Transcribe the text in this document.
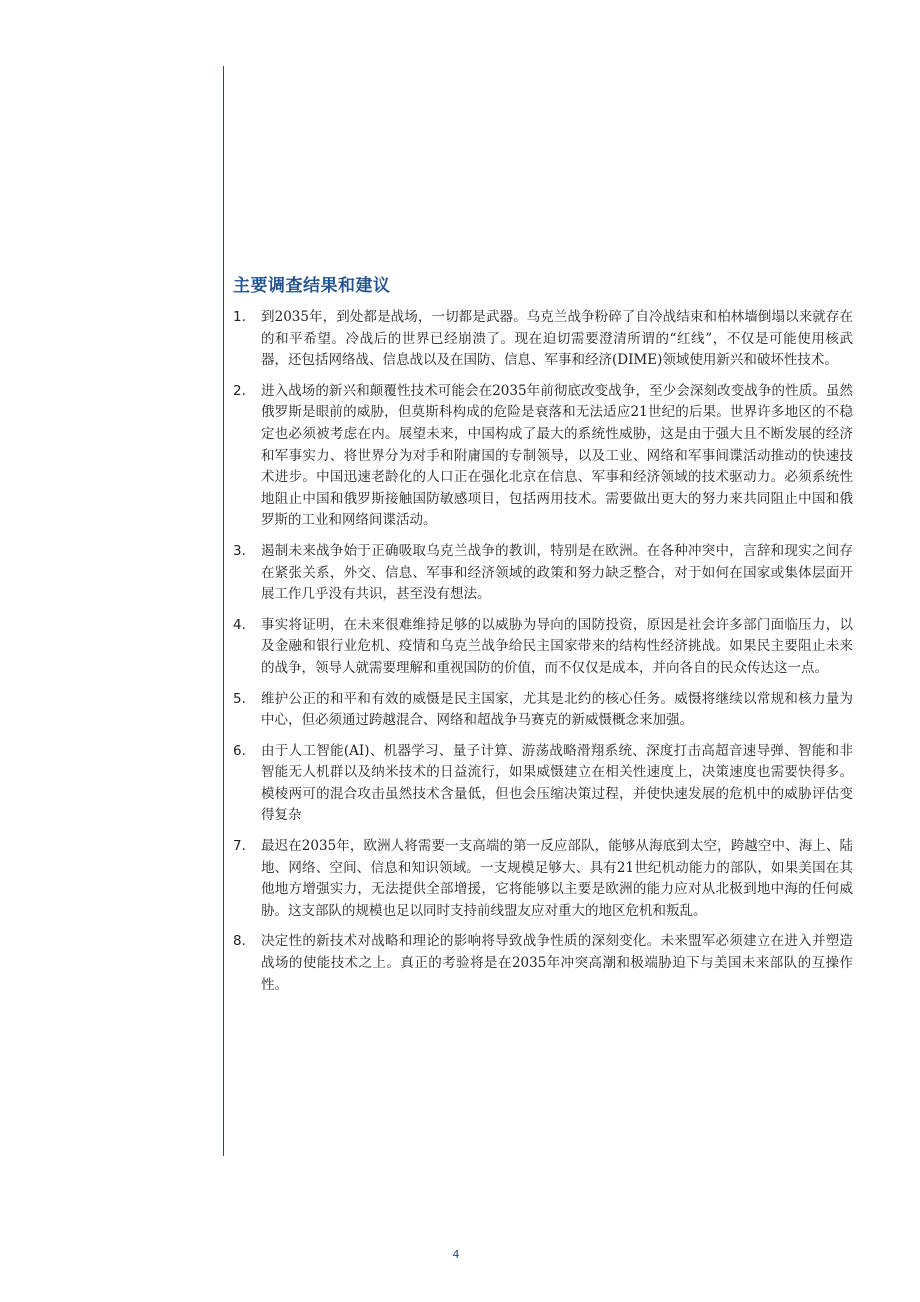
主要调查结果和建议
1.	到2035年，到处都是战场，一切都是武器。乌克兰战争粉碎了自冷战结束和柏林墙倒塌以来就存在的和平希望。冷战后的世界已经崩溃了。现在迫切需要澄清所谓的“红线”，不仅是可能使用核武器，还包括网络战、信息战以及在国防、信息、军事和经济(DIME)领域使用新兴和破坏性技术。
2.	进入战场的新兴和颠覆性技术可能会在2035年前彻底改变战争，至少会深刻改变战争的性质。虽然俄罗斯是眼前的威胁，但莫斯科构成的危险是衰落和无法适应21世纪的后果。世界许多地区的不稳定也必须被考虑在内。展望未来，中国构成了最大的系统性威胁，这是由于强大且不断发展的经济和军事实力、将世界分为对手和附庸国的专制领导，以及工业、网络和军事间谍活动推动的快速技术进步。中国迅速老龄化的人口正在强化北京在信息、军事和经济领域的技术驱动力。必须系统性地阻止中国和俄罗斯接触国防敏感项目，包括两用技术。需要做出更大的努力来共同阻止中国和俄罗斯的工业和网络间谍活动。
3.	遏制未来战争始于正确吸取乌克兰战争的教训，特别是在欧洲。在各种冲突中，言辞和现实之间存在紧张关系，外交、信息、军事和经济领域的政策和努力缺乏整合，对于如何在国家或集体层面开展工作几乎没有共识，甚至没有想法。
4.	事实将证明，在未来很难维持足够的以威胁为导向的国防投资，原因是社会许多部门面临压力，以及金融和银行业危机、疫情和乌克兰战争给民主国家带来的结构性经济挑战。如果民主要阻止未来的战争，领导人就需要理解和重视国防的价值，而不仅仅是成本，并向各自的民众传达这一点。
5.	维护公正的和平和有效的威慑是民主国家，尤其是北约的核心任务。威慑将继续以常规和核力量为中心，但必须通过跨越混合、网络和超战争马赛克的新威慑概念来加强。
6.	由于人工智能(AI)、机器学习、量子计算、游荡战略滑翔系统、深度打击高超音速导弹、智能和非智能无人机群以及纳米技术的日益流行，如果威慑建立在相关性速度上，决策速度也需要快得多。模棱两可的混合攻击虽然技术含量低，但也会压缩决策过程，并使快速发展的危机中的威胁评估变得复杂
7.	最迟在2035年，欧洲人将需要一支高端的第一反应部队，能够从海底到太空，跨越空中、海上、陆地、网络、空间、信息和知识领域。一支规模足够大、具有21世纪机动能力的部队，如果美国在其他地方增强实力，无法提供全部增援，它将能够以主要是欧洲的能力应对从北极到地中海的任何威胁。这支部队的规模也足以同时支持前线盟友应对重大的地区危机和叛乱。
8.	决定性的新技术对战略和理论的影响将导致战争性质的深刻变化。未来盟军必须建立在进入并塑造战场的使能技术之上。真正的考验将是在2035年冲突高潮和极端胁迫下与美国未来部队的互操作性。
4
